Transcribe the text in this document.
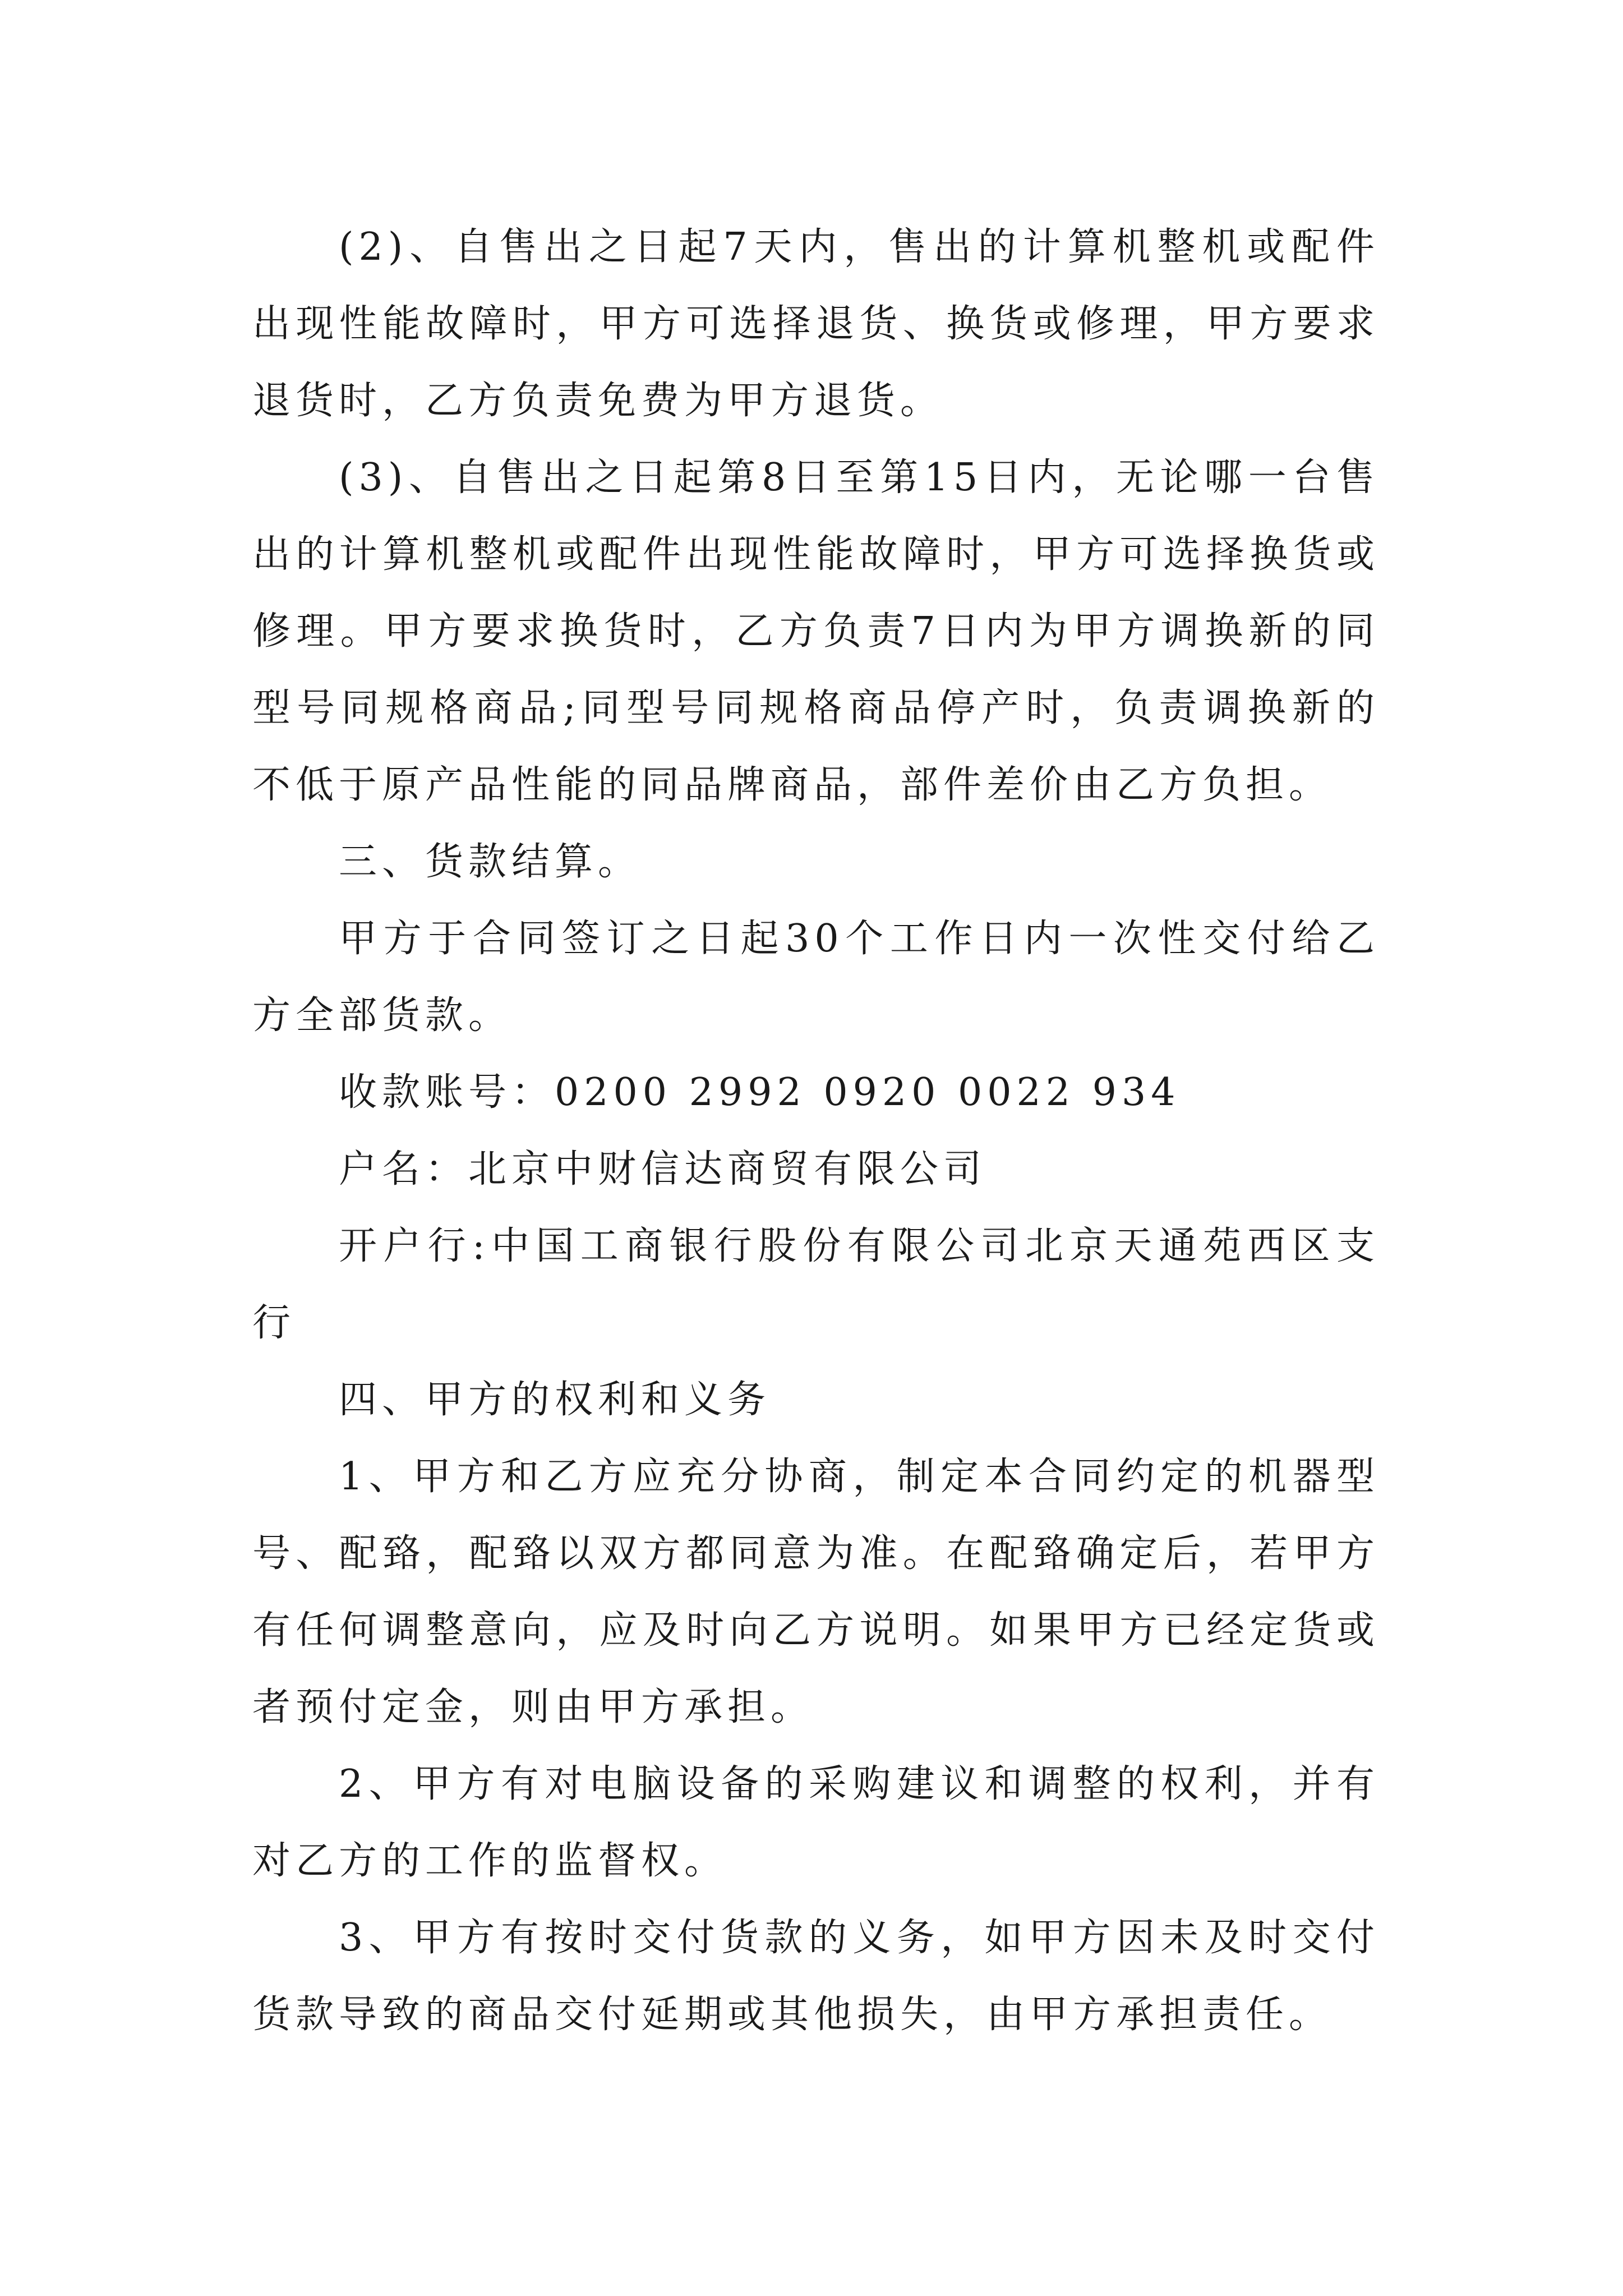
(2)、自售出之日起7天内，售出的计算机整机或配件出现性能故障时，甲方可选择退货、换货或修理，甲方要求退货时，乙方负责免费为甲方退货。

(3)、自售出之日起第8日至第15日内，无论哪一台售出的计算机整机或配件出现性能故障时，甲方可选择换货或修理。甲方要求换货时，乙方负责7日内为甲方调换新的同型号同规格商品;同型号同规格商品停产时，负责调换新的不低于原产品性能的同品牌商品，部件差价由乙方负担。

三、货款结算。

甲方于合同签订之日起30个工作日内一次性交付给乙方全部货款。

收款账号：0200 2992 0920 0022 934

户名：北京中财信达商贸有限公司

开户行:中国工商银行股份有限公司北京天通苑西区支行

四、甲方的权利和义务

1、甲方和乙方应充分协商，制定本合同约定的机器型号、配臵，配臵以双方都同意为准。在配臵确定后，若甲方有任何调整意向，应及时向乙方说明。如果甲方已经定货或者预付定金，则由甲方承担。

2、甲方有对电脑设备的采购建议和调整的权利，并有对乙方的工作的监督权。

3、甲方有按时交付货款的义务，如甲方因未及时交付货款导致的商品交付延期或其他损失，由甲方承担责任。
